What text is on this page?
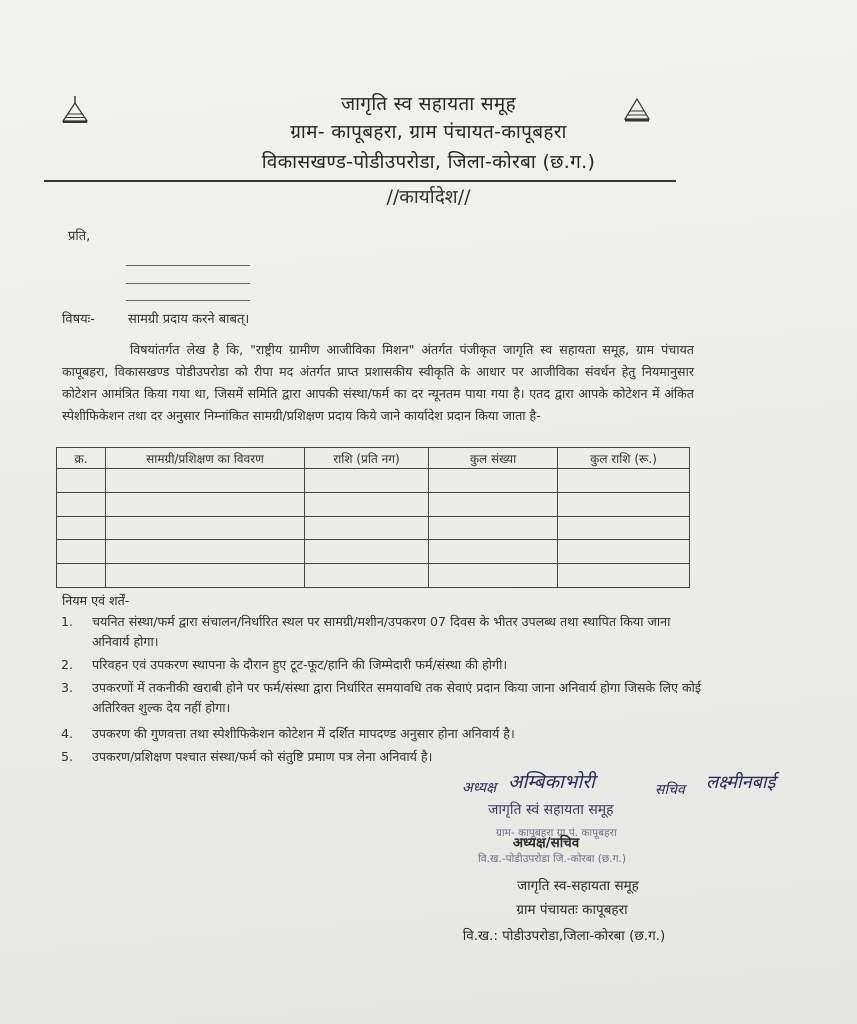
जागृति स्व सहायता समूह
ग्राम- कापूबहरा, ग्राम पंचायत-कापूबहरा
विकासखण्ड-पोडीउपरोडा, जिला-कोरबा (छ.ग.)
//कार्यादेश//
प्रति,
विषयः-	सामग्री प्रदाय करने बाबत्।

विषयांतर्गत लेख है कि, "राष्ट्रीय ग्रामीण आजीविका मिशन" अंतर्गत पंजीकृत जागृति स्व सहायता समूह, ग्राम पंचायत कापूबहरा, विकासखण्ड पोडीउपरोडा को रीपा मद अंतर्गत प्राप्त प्रशासकीय स्वीकृति के आधार पर आजीविका संवर्धन हेतु नियमानुसार कोटेशन आमंत्रित किया गया था, जिसमें समिति द्वारा आपकी संस्था/फर्म का दर न्यूनतम पाया गया है। एतद द्वारा आपके कोटेशन में अंकित स्पेशीफिकेशन तथा दर अनुसार निम्नांकित सामग्री/प्रशिक्षण प्रदाय किये जाने कार्यादेश प्रदान किया जाता है-

क्र.	सामग्री/प्रशिक्षण का विवरण	राशि (प्रति नग)	कुल संख्या	कुल राशि (रू.)

नियम एवं शर्तें-
1.	चयनित संस्था/फर्म द्वारा संचालन/निर्धारित स्थल पर सामग्री/मशीन/उपकरण 07 दिवस के भीतर उपलब्ध तथा स्थापित किया जाना अनिवार्य होगा।
2.	परिवहन एवं उपकरण स्थापना के दौरान हुए टूट-फूट/हानि की जिम्मेदारी फर्म/संस्था की होगी।
3.	उपकरणों में तकनीकी खराबी होने पर फर्म/संस्था द्वारा निर्धारित समयावधि तक सेवाएं प्रदान किया जाना अनिवार्य होगा जिसके लिए कोई अतिरिक्त शुल्क देय नहीं होगा।
4.	उपकरण की गुणवत्ता तथा स्पेशीफिकेशन कोटेशन में दर्शित मापदण्ड अनुसार होना अनिवार्य है।
5.	उपकरण/प्रशिक्षण पश्चात संस्था/फर्म को संतुष्टि प्रमाण पत्र लेना अनिवार्य है।
अध्यक्ष अम्बिकाभोरी	सचिव लक्ष्मीनबाई
जागृति स्वं सहायता समूह
ग्राम- कापूबहरा ग्रा.पं. कापूबहरा
वि.ख.-पोडीउपरोडा जि.-कोरबा (छ.ग.)
अध्यक्ष/सचिव
जागृति स्व-सहायता समूह
ग्राम पंचायतः कापूबहरा
वि.ख.: पोडीउपरोडा,जिला-कोरबा (छ.ग.)
